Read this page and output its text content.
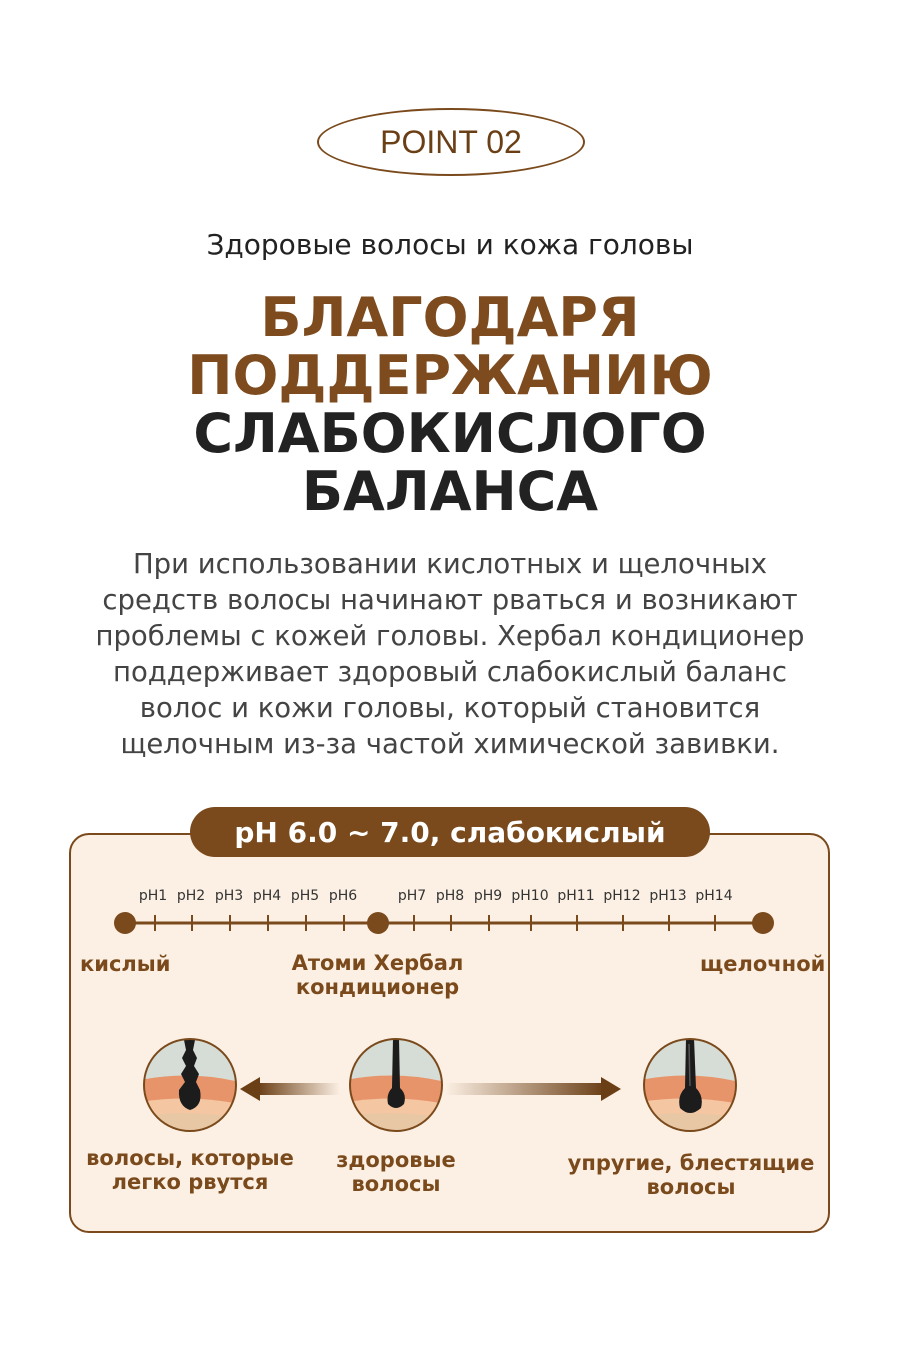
POINT 02
Здоровые волосы и кожа головы
БЛАГОДАРЯ
ПОДДЕРЖАНИЮ
СЛАБОКИСЛОГО
БАЛАНСА
При использовании кислотных и щелочных
средств волосы начинают рваться и возникают
проблемы с кожей головы. Хербал кондиционер
поддерживает здоровый слабокислый баланс
волос и кожи головы, который становится
щелочным из-за частой химической завивки.
pH 6.0 ~ 7.0, слабокислый
pH1 pH2 pH3 pH4 pH5 pH6	pH7 pH8 pH9 pH10 pH11 pH12 pH13 pH14
кислый	Атоми Хербал
кондиционер
щелочной
волосы, которые
легко рвутся
здоровые
волосы
упругие, блестящие
волосы
